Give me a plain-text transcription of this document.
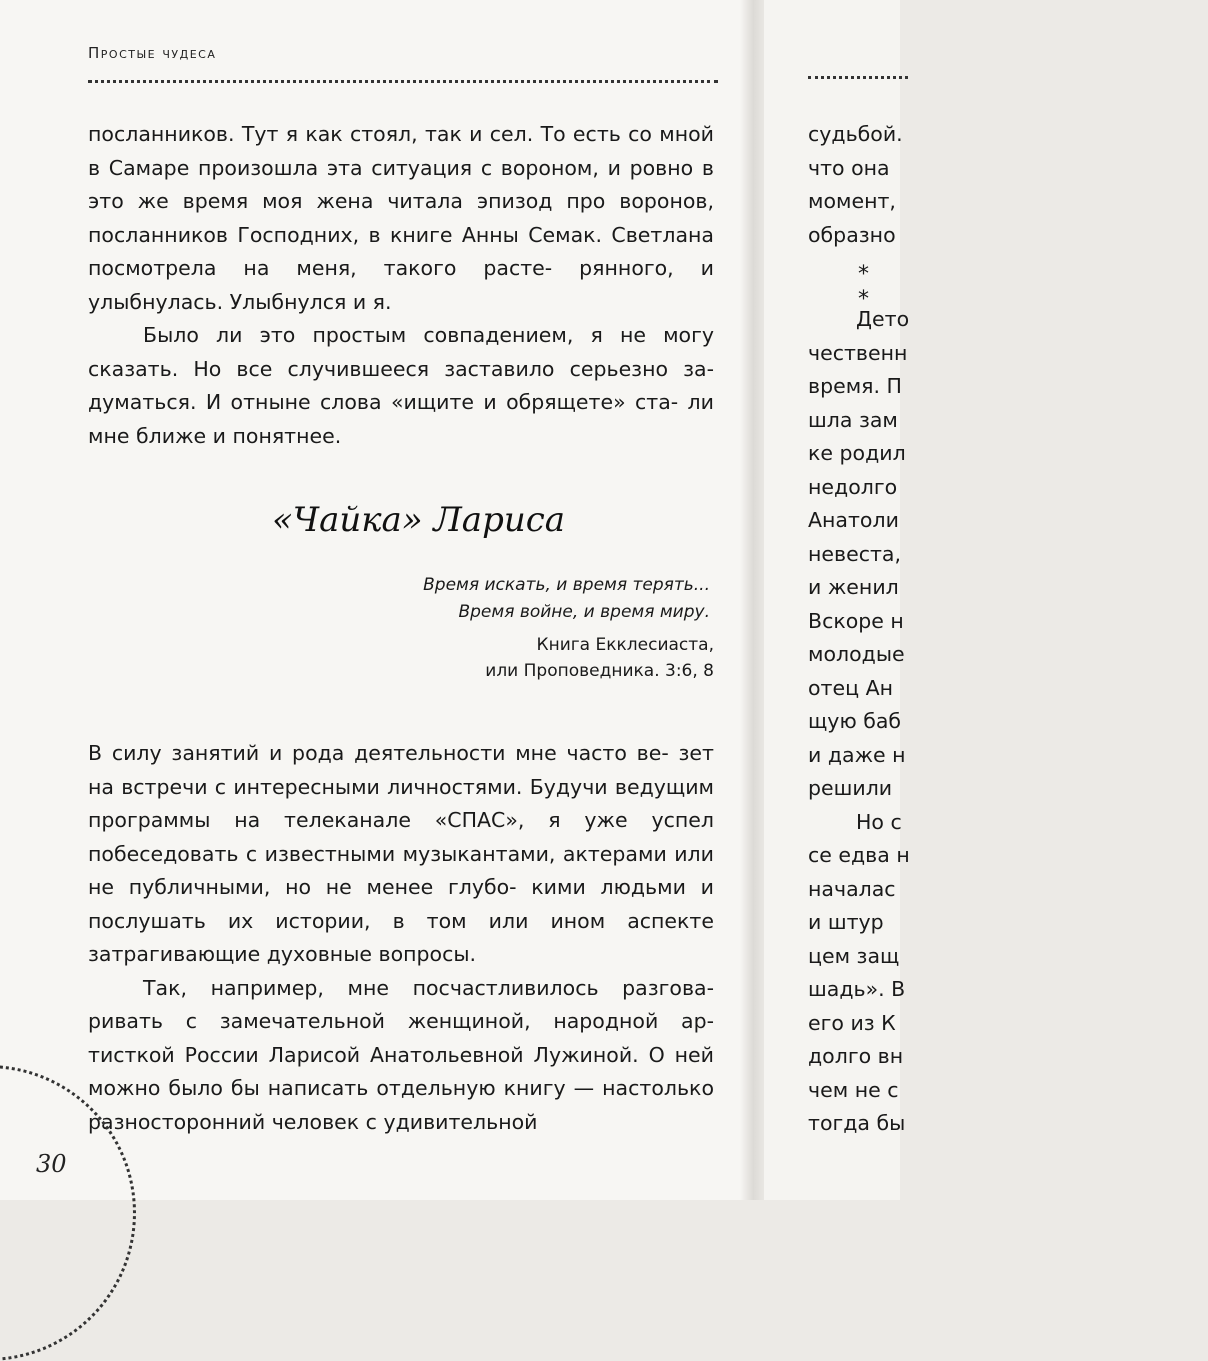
судьбой.
что она
момент,
образно
* *
Дето
чественн
время. П
шла зам
ке родил
недолго
Анатоли
невеста,
и женил
Вскоре н
молодые
отец Ан
щую баб
и даже н
решили
Но с
се едва н
началас
и штур
цем защ
шадь». В
его из К
долго вн
чем не с
тогда бы
Простые чудеса

посланников. Тут я как стоял, так и сел. То есть со мной в Самаре произошла эта ситуация с вороном, и ровно в это же время моя жена читала эпизод про воронов, посланников Господних, в книге Анны Семак. Светлана посмотрела на меня, такого расте- рянного, и улыбнулась. Улыбнулся и я.

Было ли это простым совпадением, я не могу сказать. Но все случившееся заставило серьезно за- думаться. И отныне слова «ищите и обрящете» ста- ли мне ближе и понятнее.

«Чайка» Лариса
Время искать, и время терять...
Время войне, и время миру.
Книга Екклесиаста,
или Проповедника. 3:6, 8

В силу занятий и рода деятельности мне часто ве- зет на встречи с интересными личностями. Будучи ведущим программы на телеканале «СПАС», я уже успел побеседовать с известными музыкантами, актерами или не публичными, но не менее глубо- кими людьми и послушать их истории, в том или ином аспекте затрагивающие духовные вопросы.

Так, например, мне посчастливилось разгова- ривать с замечательной женщиной, народной ар- тисткой России Ларисой Анатольевной Лужиной. О ней можно было бы написать отдельную книгу — настолько разносторонний человек с удивительной

30
